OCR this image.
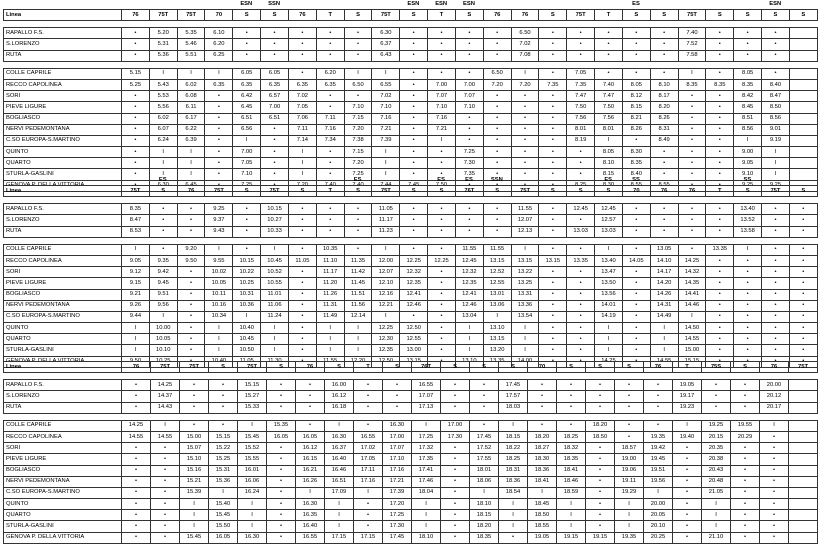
ESN	SSN	ESN	ESN	ESN	ES	ESN
Linea	76	75T	75T	70	S	S	76	T	S	75T	S	T	S	76	76	S	75T	T	S	S	75T	S	S	S	S

RAPALLO F.S.	•	5.20	5.35	6.10	•	•	•	•	•	6.30	•	•	•	•	6.50	•	•	•	•	•	7.40	•	•	•	
S.LORENZO	•	5.31	5.46	6.20	•	•	•	•	•	6.37	•	•	•	•	7.02	•	•	•	•	•	7.52	•	•	•	
RUTA	•	5.36	5.51	6.25	•	•	•	•	•	6.43	•	•	•	•	7.08	•	•	•	•	•	7.58	•	•	•	

COLLE CAPRILE	5.15	I	I	I	6.05	6.05	•	6.20	I	I	•	•	•	6.50	I	•	7.05	•	•	•	I	•	8.05	•	
RECCO CAPOLINEA	5.25	5.43	6.02	6.35	6.35	6.35	6.35	6.35	6.50	6.55	•	7.00	7.00	7.20	7.20	7.35	7.35	7.40	8.05	8.10	8.35	8.35	8.35	8.40	
SORI	•	5.53	6.08	•	6.42	6.57	7.02	•	•	7.02	•	7.07	7.07	•	•	•	7.47	7.47	8.12	8.17	•	•	8.42	8.47	
PIEVE LIGURE	•	5.56	6.11	•	6.45	7.00	7.05	•	7.10	7.10	•	7.10	7.10	•	•	•	7.50	7.50	8.15	8.20	•	•	8.45	8.50	
BOGLIASCO	•	6.02	6.17	•	6.51	6.51	7.06	7.11	7.15	7.16	•	7.16	•	•	•	•	7.56	7.56	8.21	8.26	•	•	8.51	8.56	
NERVI PEDEMONTANA	•	6.07	6.22	•	6.56	•	7.11	7.16	7.20	7.21	•	7.21	•	•	•	•	8.01	8.01	8.26	8.31	•	•	8.56	9.01	
C.SO EUROPA-S.MARTINO	•	6.24	6.39	•	I	•	7.14	7.34	7.38	7.39	•	I	•	•	•	•	8.19	I	•	8.49	•	•	I	9.19	
QUINTO	•	I	I	•	7.00	•	I	•	7.15	I	•	•	7.25	•	•	•	•	8.05	8.30	•	•	•	9.00	I	
QUARTO	•	I	I	•	7.05	•	I	•	7.20	I	•	•	7.30	•	•	•	•	8.10	8.35	•	•	•	9.05	I	
STURLA-GASLINI	•	I	I	•	7.10	•	I	•	7.25	I	•	•	7.35	•	•	•	•	8.15	8.40	•	•	•	9.10	I	
GENOVA P. DELLA VITTORIA	•	6.30	6.45	•	7.25	•	7.20	7.40	7.40	7.44	7.45	7.50	•	•	•	•	8.25	8.30	8.55	8.55	•	•	9.25	9.25	
ES	ES	ES	ES	SSN	ES	SS	SS
Linea	75T	S	76	75T	S	75T	S	T	S	75T	S	S	76T	S	75T	S	S	S	70	76	76	T	S	75T	S

RAPALLO F.S.	8.35	•	•	9.25	•	10.15	•	•	•	11.05	•	•	•	•	11.55	•	12.45	12.45	•	•	•	•	13.40	•	•
S.LORENZO	8.47	•	•	9.37	•	10.27	•	•	•	11.17	•	•	•	•	12.07	•	•	12.57	•	•	•	•	13.52	•	•
RUTA	8.53	•	•	9.43	•	10.33	•	•	•	11.23	•	•	•	•	12.13	•	13.03	13.03	•	•	•	•	13.58	•	•

COLLE CAPRILE	I	•	9.20	I	•	I	•	10.35	•	I	•	•	11.55	11.55	I	•	•	I	•	13.05	•	13.35	I	•	•
RECCO CAPOLINEA	9.05	9.35	9.50	9.55	10.15	10.45	11.05	11.10	11.35	12.00	12.25	12.25	12.45	13.15	13.15	13.15	13.35	13.40	14.05	14.10	14.25	•	•	•	•
SORI	9.12	9.42	•	10.02	10.22	10.52	•	11.17	11.42	12.07	12.32	•	12.32	12.52	13.22	•	•	13.47	•	14.17	14.32	•	•	•	•
PIEVE LIGURE	9.15	9.45	•	10.05	10.25	10.55	•	11.20	11.45	12.10	12.35	•	12.35	12.55	13.25	•	•	13.50	•	14.20	14.35	•	•	•	•
BOGLIASCO	9.21	9.51	•	10.11	10.31	11.01	•	11.26	11.51	12.16	12.41	•	12.41	13.01	13.31	•	•	13.56	•	14.26	14.41	•	•	•	•
NERVI PEDEMONTANA	9.26	9.56	•	10.16	10.36	11.06	•	11.31	11.56	12.21	12.46	•	12.46	13.06	13.36	•	•	14.01	•	14.31	14.46	•	•	•	•
C.SO EUROPA-S.MARTINO	9.44	I	•	10.34	I	11.24	•	11.49	12.14	I	•	•	13.04	I	13.54	•	•	14.19	•	14.49	I	•	•	•	•
QUINTO	I	10.00	•	I	10.40	I	•	I	I	12.25	12.50	•	I	13.10	I	•	•	I	•	I	14.50	•	•	•	•
QUARTO	I	10.05	•	I	10.45	I	•	I	I	12.30	12.55	•	I	13.15	I	•	•	I	•	I	14.55	•	•	•	•
STURLA-GASLINI	I	10.10	•	I	10.50	I	•	I	I	12.35	13.00	•	I	13.20	I	•	•	I	•	I	15.00	•	•	•	•
GENOVA P. DELLA VITTORIA	9.50	10.25	•	10.40	11.05	11.30	•	11.55	12.20	12.50	13.15	•	13.10	13.35	14.00	•	•	14.25	•	14.55	15.15	•	•	•	•
Linea	76	75T	75T	S	75T	S	76	S	T	S	76T	S	S	S	70	S	S	S	76	T	75S	S	76	75T

RAPALLO F.S.	•	14.25	•	•	15.15	•	•	16.00	•	•	16.55	•	•	17.45	•	•	•	•	•	19.05	•	•	20.00	
S.LORENZO	•	14.37	•	•	15.27	•	•	16.12	•	•	17.07	•	•	17.57	•	•	•	•	•	19.17	•	•	20.12	
RUTA	•	14.43	•	•	15.33	•	•	16.18	•	•	17.13	•	•	18.03	•	•	•	•	•	19.23	•	•	20.17	

COLLE CAPRILE	14.25	I	•	•	I	15.35	•	I	•	16.30	I	17.00	•	I	•	•	18.20	•	•	I	19.25	19.55	I	
RECCO CAPOLINEA	14.55	14.55	15.00	15.15	15.45	16.05	16.05	16.30	16.55	17.00	17.25	17.30	17.45	18.15	18.20	18.25	18.50	•	19.35	19.40	20.15	20.29	•	
SORI	•	•	15.07	15.22	15.52	•	16.12	16.37	17.02	17.07	17.32	•	17.52	18.22	18.27	18.32	•	18.57	19.42	•	20.35	•	•	
PIEVE LIGURE	•	•	15.10	15.25	15.55	•	16.15	16.40	17.05	17.10	17.35	•	17.55	18.25	18.30	18.35	•	19.00	19.45	•	20.38	•	•	
BOGLIASCO	•	•	15.16	15.31	16.01	•	16.21	16.46	17.11	17.16	17.41	•	18.01	18.31	18.36	18.41	•	19.06	19.51	•	20.43	•	•	
NERVI PEDEMONTANA	•	•	15.21	15.36	16.06	•	16.26	16.51	17.16	17.21	17.46	•	18.06	18.36	18.41	18.46	•	19.11	19.56	•	20.48	•	•	
C.SO EUROPA-S.MARTINO	•	•	15.39	I	16.24	•	I	17.09	I	17.39	18.04	•	I	18.54	I	18.59	•	19.29	I	•	21.05	•	•	
QUINTO	•	•	I	15.40	I	•	16.30	I	•	17.20	I	•	18.10	I	18.45	I	•	I	20.00	•	I	•	•	
QUARTO	•	•	I	15.45	I	•	16.35	I	•	17.25	I	•	18.15	I	18.50	I	•	I	20.05	•	I	•	•	
STURLA-GASLINI	•	•	I	15.50	I	•	16.40	I	•	17.30	I	•	18.20	I	18.55	I	•	I	20.10	•	I	•	•	
GENOVA P. DELLA VITTORIA	•	•	15.45	16.05	16.30	•	16.55	17.15	17.15	17.45	18.10	•	18.35	•	19.05	19.15	19.15	19.35	20.25	•	21.10	•	•	
